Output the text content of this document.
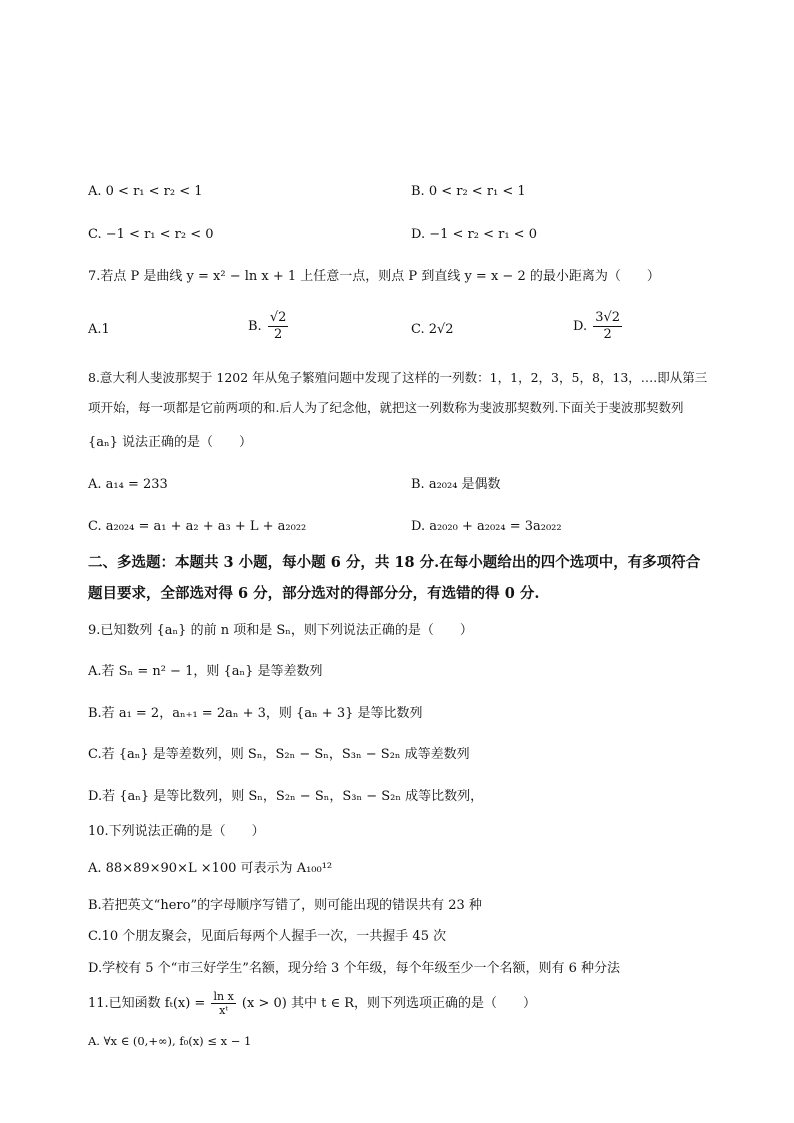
A. 0 < r₁ < r₂ < 1	B. 0 < r₂ < r₁ < 1
C. −1 < r₁ < r₂ < 0	D. −1 < r₂ < r₁ < 0
7.若点 P 是曲线 y = x² − ln x + 1 上任意一点，则点 P 到直线 y = x − 2 的最小距离为（　　）
A.1	B. $\frac{√2}{2}$	C. 2√2	D. $\frac{3√2}{2}$
8.意大利人斐波那契于 1202 年从兔子繁殖问题中发现了这样的一列数：1，1，2，3，5，8，13，….即从第三
项开始，每一项都是它前两项的和.后人为了纪念他，就把这一列数称为斐波那契数列.下面关于斐波那契数列
{aₙ} 说法正确的是（　　）
A. a₁₄ = 233	B. a₂₀₂₄ 是偶数
C. a₂₀₂₄ = a₁ + a₂ + a₃ + L + a₂₀₂₂	D. a₂₀₂₀ + a₂₀₂₄ = 3a₂₀₂₂
二、多选题：本题共 3 小题，每小题 6 分，共 18 分.在每小题给出的四个选项中，有多项符合
题目要求，全部选对得 6 分，部分选对的得部分分，有选错的得 0 分.
9.已知数列 {aₙ} 的前 n 项和是 Sₙ，则下列说法正确的是（　　）
A.若 Sₙ = n² − 1，则 {aₙ} 是等差数列
B.若 a₁ = 2，aₙ₊₁ = 2aₙ + 3，则 {aₙ + 3} 是等比数列
C.若 {aₙ} 是等差数列，则 Sₙ，S₂ₙ − Sₙ，S₃ₙ − S₂ₙ 成等差数列
D.若 {aₙ} 是等比数列，则 Sₙ，S₂ₙ − Sₙ，S₃ₙ − S₂ₙ 成等比数列，
10.下列说法正确的是（　　）
A. 88×89×90×L ×100 可表示为 A₁₀₀¹²
B.若把英文“hero”的字母顺序写错了，则可能出现的错误共有 23 种
C.10 个朋友聚会，见面后每两个人握手一次，一共握手 45 次
D.学校有 5 个“市三好学生”名额，现分给 3 个年级，每个年级至少一个名额，则有 6 种分法
11.已知函数 $f_t(x) = \frac{\text{ln x}}{\text{xᵗ}} (x > 0)$ 其中 t ∈ R，则下列选项正确的是（　　）
A. ∀x ∈ (0,+∞), f₀(x) ≤ x − 1
